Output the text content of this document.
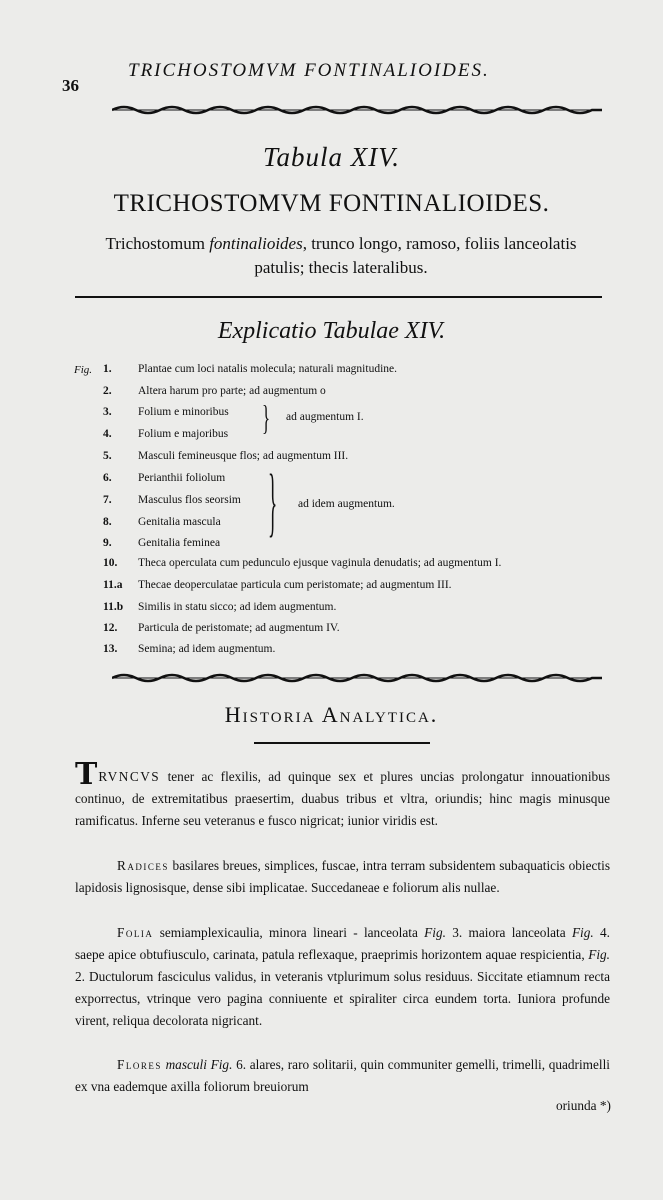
36
TRICHOSTOMVM FONTINALIOIDES.
Tabula XIV.
TRICHOSTOMVM FONTINALIOIDES.
Trichostomum fontinalioides, trunco longo, ramoso, foliis lanceolatis patulis; thecis lateralibus.
Explicatio Tabulae XIV.
Fig. 1.	Plantae cum loci natalis molecula; naturali magnitudine.
2.	Altera harum pro parte; ad augmentum o
3.	Folium e minoribus
4.	Folium e majoribus
5.	Masculi femineusque flos; ad augmentum III.
6.	Perianthii foliolum
7.	Masculus flos seorsim
8.	Genitalia mascula
9.	Genitalia feminea
10.	Theca operculata cum pedunculo ejusque vaginula denudatis; ad augmentum I.
11.a	Thecae deoperculatae particula cum peristomate; ad augmentum III.
11.b	Similis in statu sicco; ad idem augmentum.
12.	Particula de peristomate; ad augmentum IV.
13.	Semina; ad idem augmentum.
} ad augmentum I.
} ad idem augmentum.
Historia Analytica.
TRVNCVS tener ac flexilis, ad quinque sex et plures uncias prolongatur innouationibus continuo, de extremitatibus praesertim, duabus tribus et vltra, oriundis; hinc magis minusque ramificatus. Inferne seu veteranus e fusco nigricat; iunior viridis est.
Radices basilares breues, simplices, fuscae, intra terram subsidentem subaquaticis obiectis lapidosis lignosisque, dense sibi implicatae. Succedaneae e foliorum alis nullae.
Folia semiamplexicaulia, minora lineari - lanceolata Fig. 3. maiora lanceolata Fig. 4. saepe apice obtufiusculo, carinata, patula reflexaque, praeprimis horizontem aquae respicientia, Fig. 2. Ductulorum fasciculus validus, in veteranis vtplurimum solus residuus. Siccitate etiamnum recta exporrectus, vtrinque vero pagina conniuente et spiraliter circa eundem torta. Iuniora profunde virent, reliqua decolorata nigricant.
Flores masculi Fig. 6. alares, raro solitarii, quin communiter gemelli, trimelli, quadrimelli ex vna eademque axilla foliorum breuiorum
oriunda *)
